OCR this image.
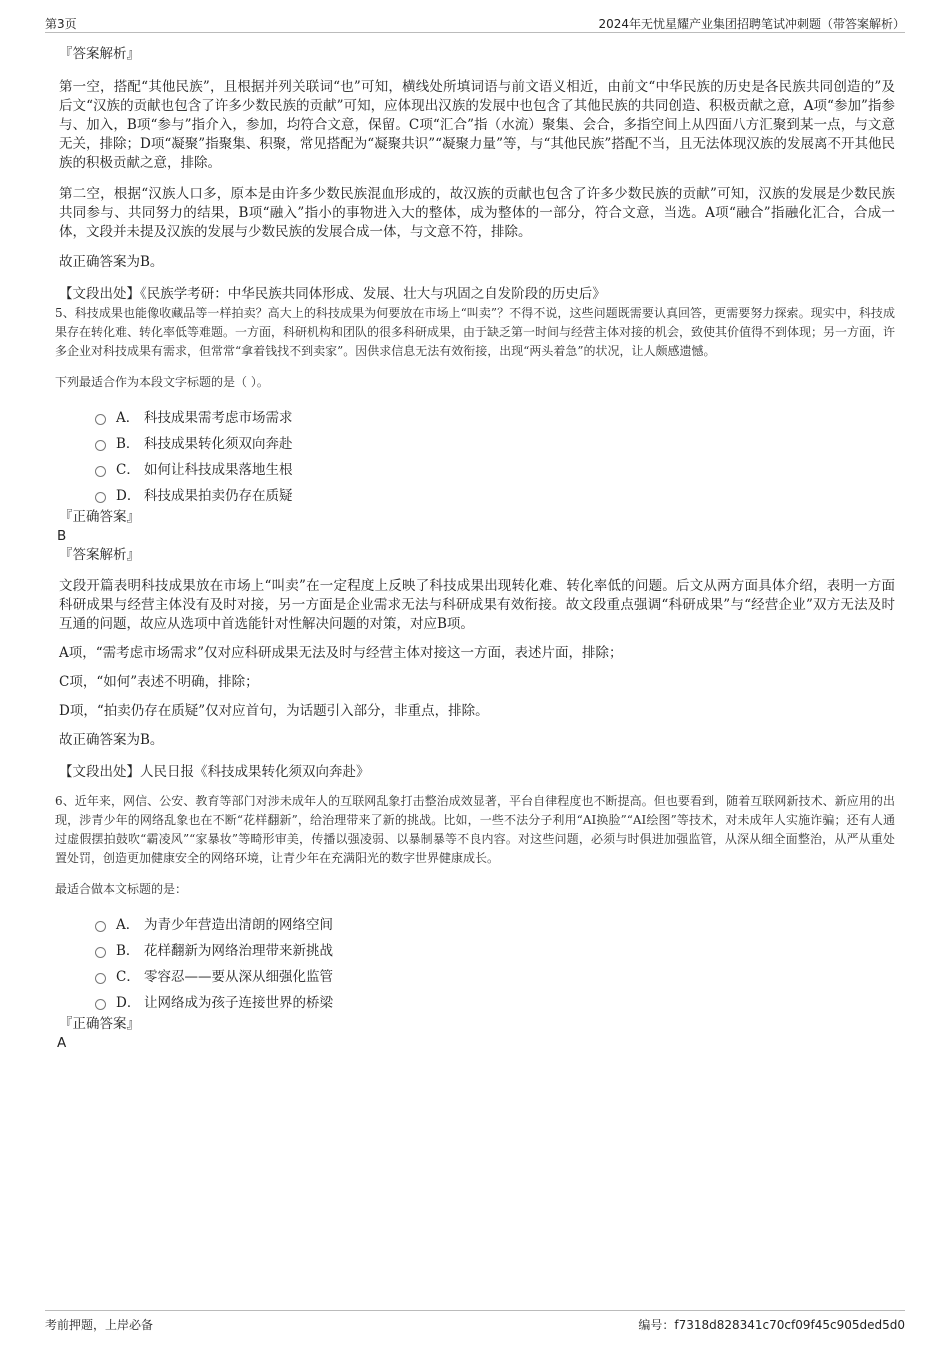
第3页	2024年无忧星耀产业集团招聘笔试冲刺题（带答案解析）
『答案解析』

第一空，搭配“其他民族”，且根据并列关联词“也”可知，横线处所填词语与前文语义相近，由前文“中华民族的历史是各民族共同创造的”及后文“汉族的贡献也包含了许多少数民族的贡献”可知，应体现出汉族的发展中也包含了其他民族的共同创造、积极贡献之意，A项“参加”指参与、加入，B项“参与”指介入，参加，均符合文意，保留。C项“汇合”指（水流）聚集、会合，多指空间上从四面八方汇聚到某一点，与文意无关，排除；D项“凝聚”指聚集、积聚，常见搭配为“凝聚共识”“凝聚力量”等，与“其他民族”搭配不当，且无法体现汉族的发展离不开其他民族的积极贡献之意，排除。

第二空，根据“汉族人口多，原本是由许多少数民族混血形成的，故汉族的贡献也包含了许多少数民族的贡献”可知，汉族的发展是少数民族共同参与、共同努力的结果，B项“融入”指小的事物进入大的整体，成为整体的一部分，符合文意，当选。A项“融合”指融化汇合，合成一体，文段并未提及汉族的发展与少数民族的发展合成一体，与文意不符，排除。

故正确答案为B。

【文段出处】《民族学考研：中华民族共同体形成、发展、壮大与巩固之自发阶段的历史后》

5、科技成果也能像收藏品等一样拍卖？高大上的科技成果为何要放在市场上“叫卖”？不得不说，这些问题既需要认真回答，更需要努力探索。现实中，科技成果存在转化难、转化率低等难题。一方面，科研机构和团队的很多科研成果，由于缺乏第一时间与经营主体对接的机会，致使其价值得不到体现；另一方面，许多企业对科技成果有需求，但常常“拿着钱找不到卖家”。因供求信息无法有效衔接，出现“两头着急”的状况，让人颇感遗憾。

下列最适合作为本段文字标题的是（ ）。

A． 科技成果需考虑市场需求
B． 科技成果转化须双向奔赴
C． 如何让科技成果落地生根
D． 科技成果拍卖仍存在质疑
『正确答案』
B
『答案解析』

文段开篇表明科技成果放在市场上“叫卖”在一定程度上反映了科技成果出现转化难、转化率低的问题。后文从两方面具体介绍，表明一方面科研成果与经营主体没有及时对接，另一方面是企业需求无法与科研成果有效衔接。故文段重点强调“科研成果”与“经营企业”双方无法及时互通的问题，故应从选项中首选能针对性解决问题的对策，对应B项。

A项，“需考虑市场需求”仅对应科研成果无法及时与经营主体对接这一方面，表述片面，排除；

C项，“如何”表述不明确，排除；

D项，“拍卖仍存在质疑”仅对应首句，为话题引入部分，非重点，排除。

故正确答案为B。

【文段出处】人民日报《科技成果转化须双向奔赴》

6、近年来，网信、公安、教育等部门对涉未成年人的互联网乱象打击整治成效显著，平台自律程度也不断提高。但也要看到，随着互联网新技术、新应用的出现，涉青少年的网络乱象也在不断“花样翻新”，给治理带来了新的挑战。比如，一些不法分子利用“AI换脸”“AI绘图”等技术，对未成年人实施诈骗；还有人通过虚假摆拍鼓吹“霸凌风”“家暴妆”等畸形审美，传播以强凌弱、以暴制暴等不良内容。对这些问题，必须与时俱进加强监管，从深从细全面整治，从严从重处置处罚，创造更加健康安全的网络环境，让青少年在充满阳光的数字世界健康成长。

最适合做本文标题的是：

A． 为青少年营造出清朗的网络空间
B． 花样翻新为网络治理带来新挑战
C． 零容忍——要从深从细强化监管
D． 让网络成为孩子连接世界的桥梁
『正确答案』
A
考前押题，上岸必备	编号：f7318d828341c70cf09f45c905ded5d0
